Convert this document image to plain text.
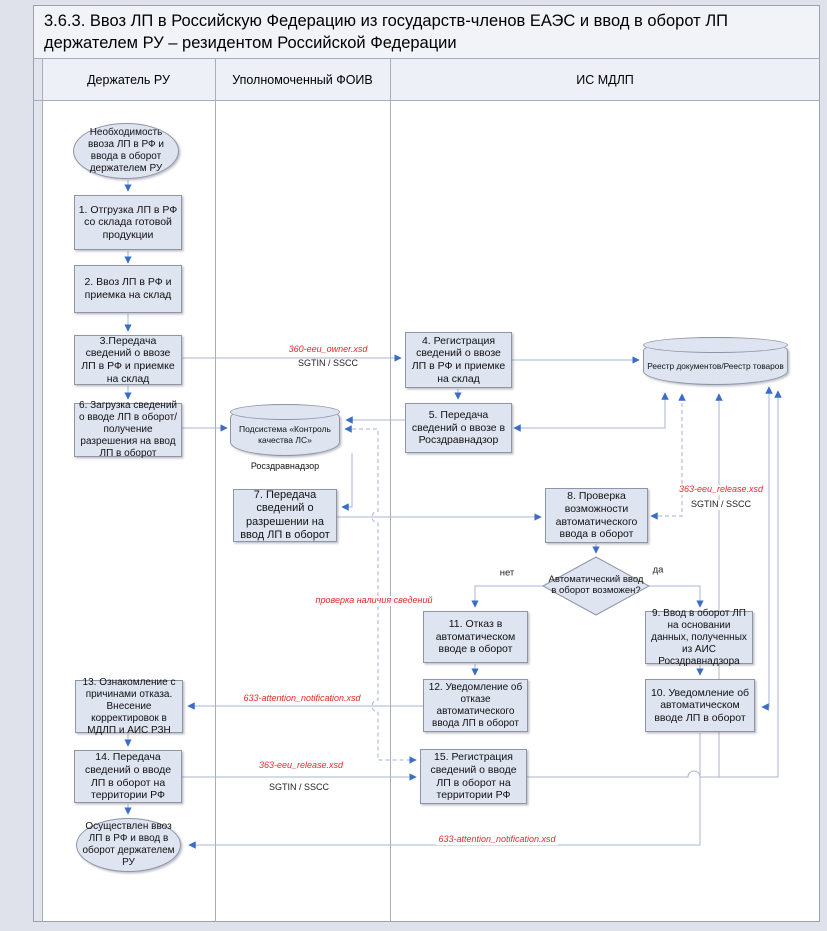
3.6.3. Ввоз ЛП в Российскую Федерацию из государств-членов ЕАЭС и ввод в оборот ЛП держателем РУ – резидентом Российской Федерации
Держатель РУ	Уполномоченный ФОИВ	ИС МДЛП
Необходимость ввоза ЛП в РФ и ввода в оборот держателем РУ
1. Отгрузка ЛП в РФ со склада готовой продукции
2. Ввоз ЛП в РФ и приемка на склад
3.Передача сведений о ввозе ЛП в РФ и приемке на склад
6. Загрузка сведений о вводе ЛП в оборот/ получение разрешения на ввод ЛП в оборот
13. Ознакомление с причинами отказа. Внесение корректировок в МДЛП и АИС РЗН
14. Передача сведений о вводе ЛП в оборот на территории РФ
Осуществлен ввоз ЛП в РФ и ввод в оборот держателем РУ
Подсистема «Контроль качества ЛС»
Росздравнадзор
7. Передача сведений о разрешении на ввод ЛП в оборот
4. Регистрация сведений о ввозе ЛП в РФ и приемке на склад
5. Передача сведений о ввозе в Росздравнадзор
Реестр документов/Реестр товаров
8. Проверка возможности автоматического ввода в оборот
Автоматический ввод в оборот возможен?
11. Отказ в автоматическом вводе в оборот
12. Уведомление об отказе автоматического ввода ЛП в оборот
9. Ввод в оборот ЛП на основании данных, полученных из АИС Росздравнадзора
10. Уведомление об автоматическом вводе ЛП в оборот
15. Регистрация сведений о вводе ЛП в оборот на территории РФ
360-eeu_owner.xsd
SGTIN / SSCC
363-eeu_release.xsd
SGTIN / SSCC
проверка наличия сведений
633-attention_notification.xsd
363-eeu_release.xsd
SGTIN / SSCC
633-attention_notification.xsd
нет	да
